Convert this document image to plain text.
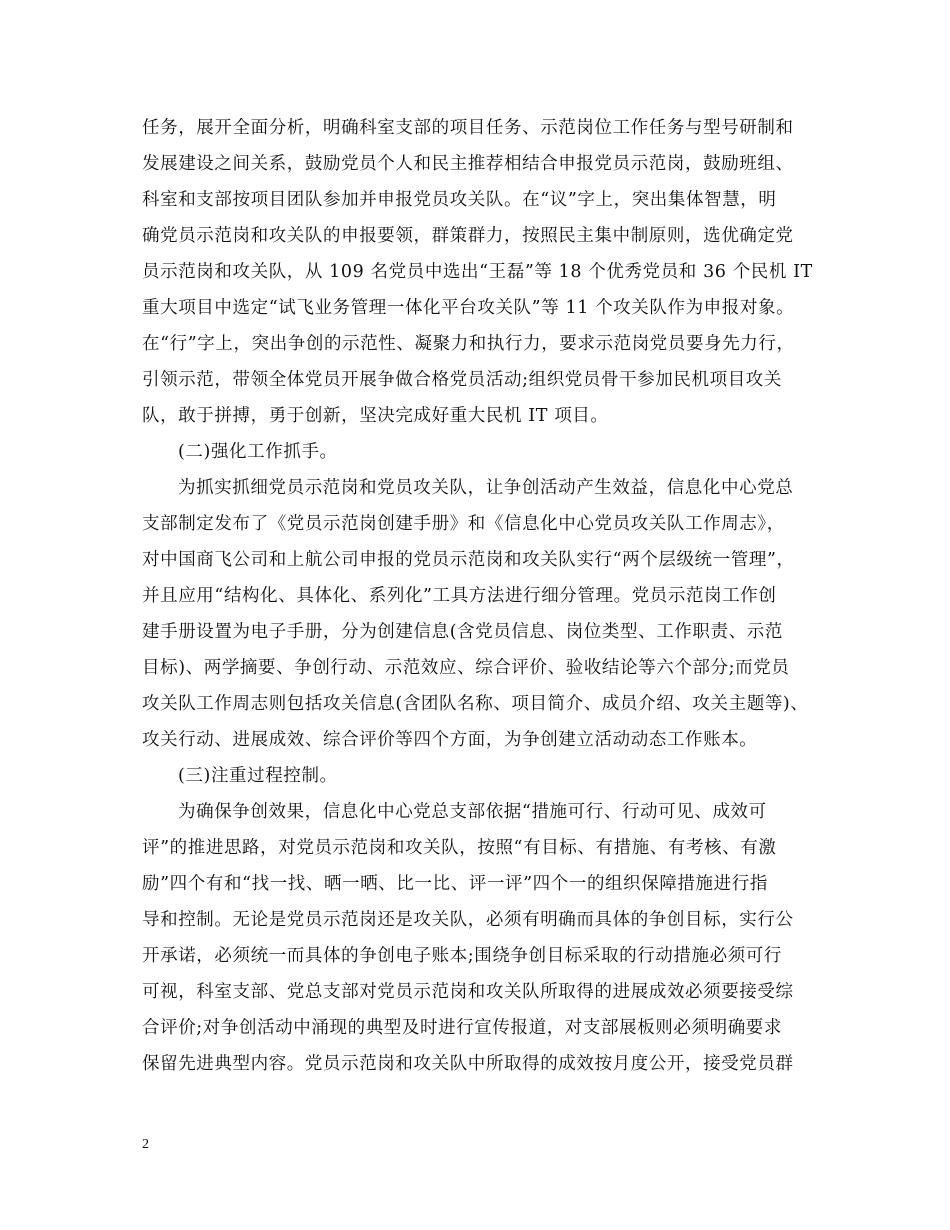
任务，展开全面分析，明确科室支部的项目任务、示范岗位工作任务与型号研制和
发展建设之间关系，鼓励党员个人和民主推荐相结合申报党员示范岗，鼓励班组、
科室和支部按项目团队参加并申报党员攻关队。在“议”字上，突出集体智慧，明
确党员示范岗和攻关队的申报要领，群策群力，按照民主集中制原则，选优确定党
员示范岗和攻关队，从 109 名党员中选出“王磊”等 18 个优秀党员和 36 个民机 IT
重大项目中选定“试飞业务管理一体化平台攻关队”等 11 个攻关队作为申报对象。
在“行”字上，突出争创的示范性、凝聚力和执行力，要求示范岗党员要身先力行，
引领示范，带领全体党员开展争做合格党员活动;组织党员骨干参加民机项目攻关
队，敢于拼搏，勇于创新，坚决完成好重大民机 IT 项目。
(二)强化工作抓手。
为抓实抓细党员示范岗和党员攻关队，让争创活动产生效益，信息化中心党总
支部制定发布了《党员示范岗创建手册》和《信息化中心党员攻关队工作周志》，
对中国商飞公司和上航公司申报的党员示范岗和攻关队实行“两个层级统一管理”，
并且应用“结构化、具体化、系列化”工具方法进行细分管理。党员示范岗工作创
建手册设置为电子手册，分为创建信息(含党员信息、岗位类型、工作职责、示范
目标)、两学摘要、争创行动、示范效应、综合评价、验收结论等六个部分;而党员
攻关队工作周志则包括攻关信息(含团队名称、项目简介、成员介绍、攻关主题等)、
攻关行动、进展成效、综合评价等四个方面，为争创建立活动动态工作账本。
(三)注重过程控制。
为确保争创效果，信息化中心党总支部依据“措施可行、行动可见、成效可
评”的推进思路，对党员示范岗和攻关队，按照“有目标、有措施、有考核、有激
励”四个有和“找一找、晒一晒、比一比、评一评”四个一的组织保障措施进行指
导和控制。无论是党员示范岗还是攻关队，必须有明确而具体的争创目标，实行公
开承诺，必须统一而具体的争创电子账本;围绕争创目标采取的行动措施必须可行
可视，科室支部、党总支部对党员示范岗和攻关队所取得的进展成效必须要接受综
合评价;对争创活动中涌现的典型及时进行宣传报道，对支部展板则必须明确要求
保留先进典型内容。党员示范岗和攻关队中所取得的成效按月度公开，接受党员群
2
